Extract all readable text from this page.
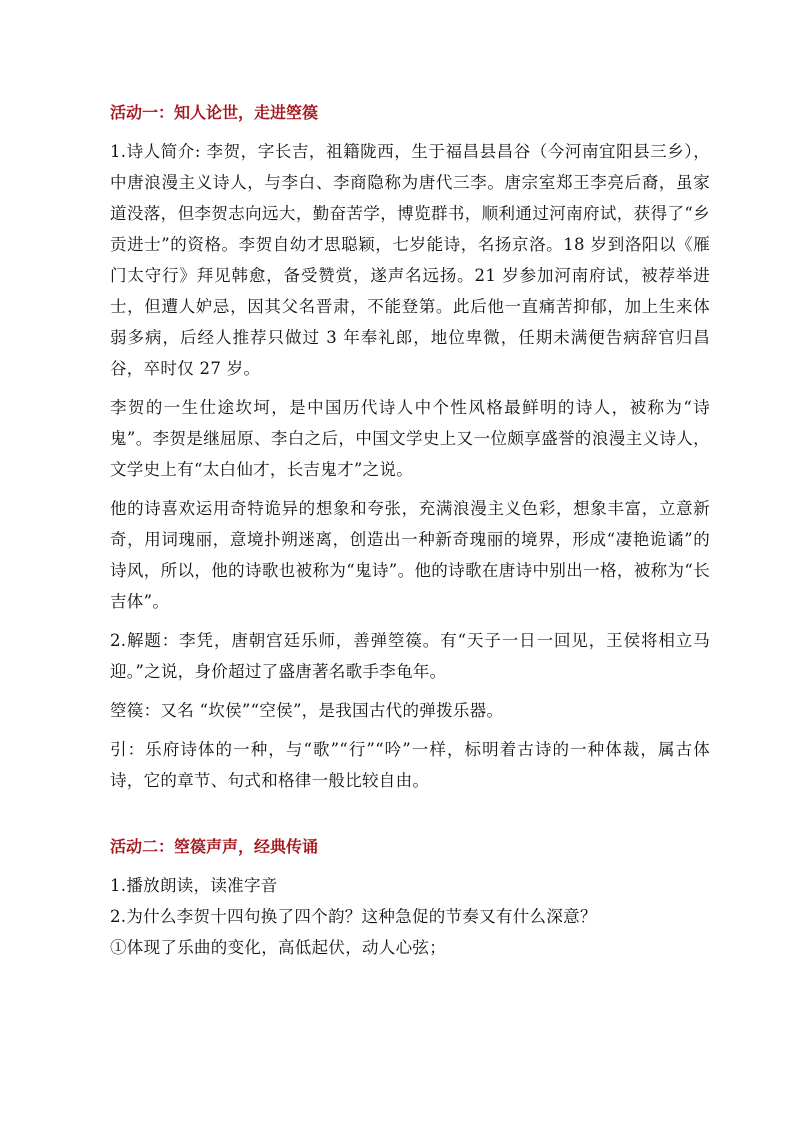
活动一：知人论世，走进箜篌

1.诗人简介: 李贺，字长吉，祖籍陇西，生于福昌县昌谷（今河南宜阳县三乡），中唐浪漫主义诗人，与李白、李商隐称为唐代三李。唐宗室郑王李亮后裔，虽家道没落，但李贺志向远大，勤奋苦学，博览群书，顺利通过河南府试，获得了“乡贡进士”的资格。李贺自幼才思聪颖，七岁能诗，名扬京洛。18 岁到洛阳以《雁门太守行》拜见韩愈，备受赞赏，遂声名远扬。21 岁参加河南府试，被荐举进士，但遭人妒忌，因其父名晋肃，不能登第。此后他一直痛苦抑郁，加上生来体弱多病，后经人推荐只做过 3 年奉礼郎，地位卑微，任期未满便告病辞官归昌谷，卒时仅 27 岁。

李贺的一生仕途坎坷，是中国历代诗人中个性风格最鲜明的诗人，被称为“诗鬼”。李贺是继屈原、李白之后，中国文学史上又一位颇享盛誉的浪漫主义诗人，文学史上有“太白仙才，长吉鬼才”之说。

他的诗喜欢运用奇特诡异的想象和夸张，充满浪漫主义色彩，想象丰富，立意新奇，用词瑰丽，意境扑朔迷离，创造出一种新奇瑰丽的境界，形成“凄艳诡谲”的诗风，所以，他的诗歌也被称为“鬼诗”。他的诗歌在唐诗中别出一格，被称为“长吉体”。

2.解题：李凭，唐朝宫廷乐师，善弹箜篌。有“天子一日一回见，王侯将相立马迎。”之说，身价超过了盛唐著名歌手李龟年。

箜篌：又名 “坎侯”“空侯”，是我国古代的弹拨乐器。

引：乐府诗体的一种，与“歌”“行”“吟”一样，标明着古诗的一种体裁，属古体诗，它的章节、句式和格律一般比较自由。

活动二：箜篌声声，经典传诵

1.播放朗读，读准字音

2.为什么李贺十四句换了四个韵？这种急促的节奏又有什么深意？

①体现了乐曲的变化，高低起伏，动人心弦；
